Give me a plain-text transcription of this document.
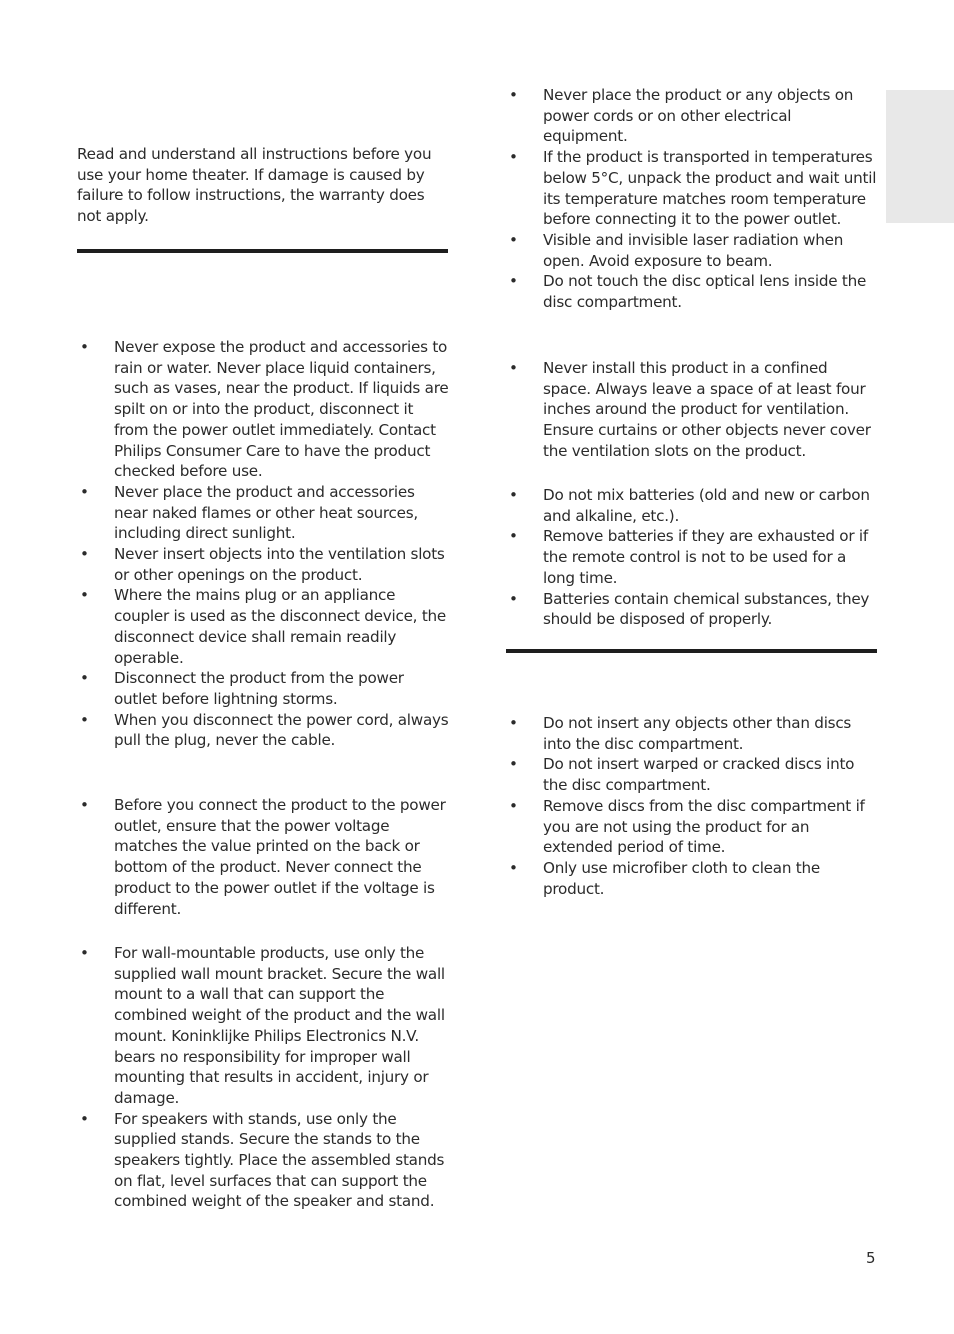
Read and understand all instructions before you use your home theater. If damage is caused by failure to follow instructions, the warranty does not apply.

• Never expose the product and accessories to rain or water. Never place liquid containers, such as vases, near the product. If liquids are spilt on or into the product, disconnect it from the power outlet immediately. Contact Philips Consumer Care to have the product checked before use.
• Never place the product and accessories near naked flames or other heat sources, including direct sunlight.
• Never insert objects into the ventilation slots or other openings on the product.
• Where the mains plug or an appliance coupler is used as the disconnect device, the disconnect device shall remain readily operable.
• Disconnect the product from the power outlet before lightning storms.
• When you disconnect the power cord, always pull the plug, never the cable.
• Before you connect the product to the power outlet, ensure that the power voltage matches the value printed on the back or bottom of the product. Never connect the product to the power outlet if the voltage is different.
• For wall-mountable products, use only the supplied wall mount bracket. Secure the wall mount to a wall that can support the combined weight of the product and the wall mount. Koninklijke Philips Electronics N.V. bears no responsibility for improper wall mounting that results in accident, injury or damage.
• For speakers with stands, use only the supplied stands. Secure the stands to the speakers tightly. Place the assembled stands on flat, level surfaces that can support the combined weight of the speaker and stand.
• Never place the product or any objects on power cords or on other electrical equipment.
• If the product is transported in temperatures below 5°C, unpack the product and wait until its temperature matches room temperature before connecting it to the power outlet.
• Visible and invisible laser radiation when open. Avoid exposure to beam.
• Do not touch the disc optical lens inside the disc compartment.
• Never install this product in a confined space. Always leave a space of at least four inches around the product for ventilation. Ensure curtains or other objects never cover the ventilation slots on the product.
• Do not mix batteries (old and new or carbon and alkaline, etc.).
• Remove batteries if they are exhausted or if the remote control is not to be used for a long time.
• Batteries contain chemical substances, they should be disposed of properly.
• Do not insert any objects other than discs into the disc compartment.
• Do not insert warped or cracked discs into the disc compartment.
• Remove discs from the disc compartment if you are not using the product for an extended period of time.
• Only use microfiber cloth to clean the product.
5
